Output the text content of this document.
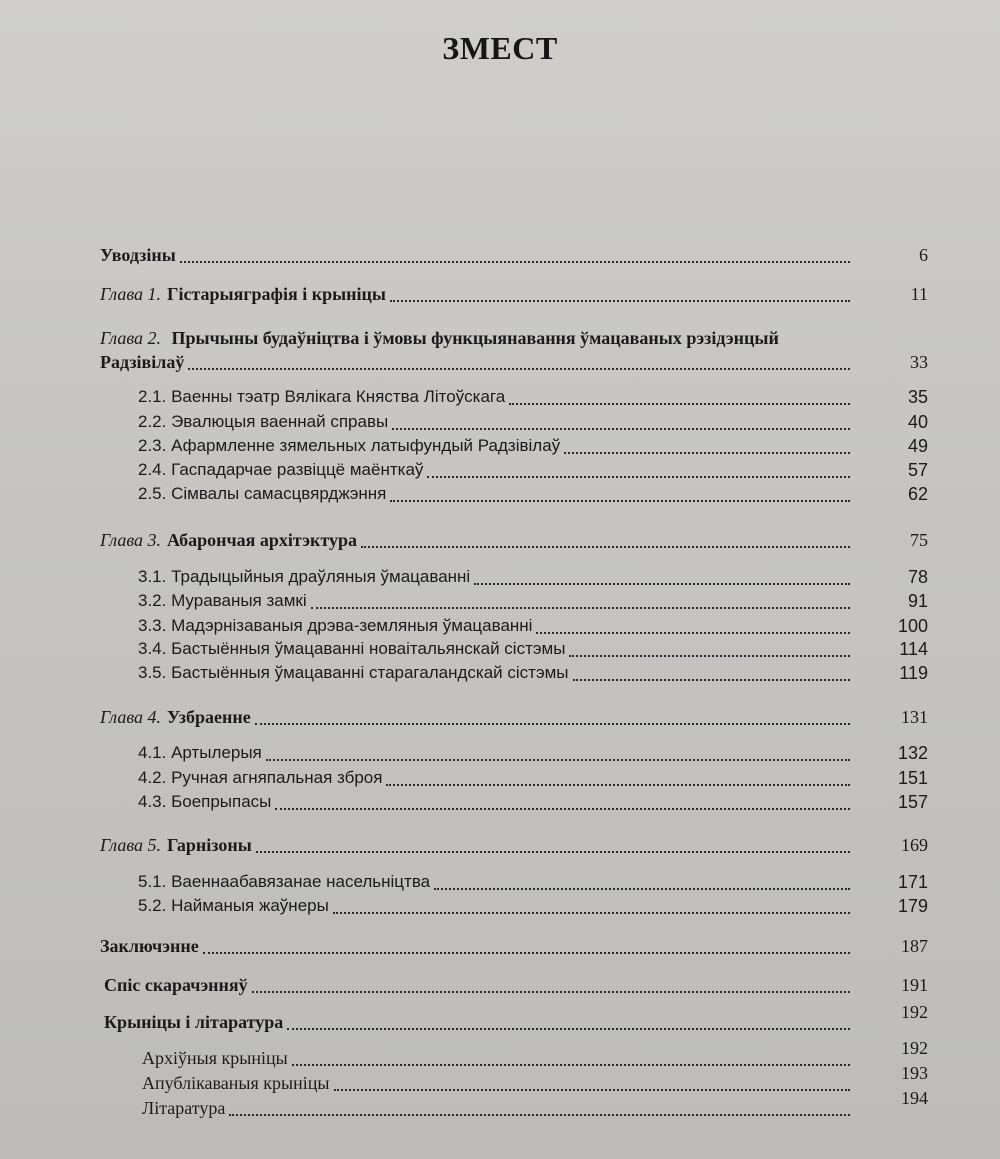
ЗМЕСТ
Уводзіны	6
Глава 1. Гістарыяграфія і крыніцы	11
Глава 2. Прычыны будаўніцтва і ўмовы функцыянавання ўмацаваных рэзідэнцый
Радзівілаў	33
2.1. Ваенны тэатр Вялікага Княства Літоўскага	35
2.2. Эвалюцыя ваеннай справы	40
2.3. Афармленне зямельных латыфундый Радзівілаў	49
2.4. Гаспадарчае развіццё маёнткаў	57
2.5. Сімвалы самасцвярджэння	62
Глава 3. Абарончая архітэктура	75
3.1. Традыцыйныя драўляныя ўмацаванні	78
3.2. Мураваныя замкі	91
3.3. Мадэрнізаваныя дрэва-земляныя ўмацаванні	100
3.4. Бастыённыя ўмацаванні новаітальянскай сістэмы	114
3.5. Бастыённыя ўмацаванні старагаландскай сістэмы	119
Глава 4. Узбраенне	131
4.1. Артылерыя	132
4.2. Ручная агняпальная зброя	151
4.3. Боепрыпасы	157
Глава 5. Гарнізоны	169
5.1. Ваеннаабавязанае насельніцтва	171
5.2. Найманыя жаўнеры	179
Заключэнне	187
Спіс скарачэнняў	191
Крыніцы і літаратура	192
Архіўныя крыніцы	192
Апублікаваныя крыніцы	193
Літаратура	194
